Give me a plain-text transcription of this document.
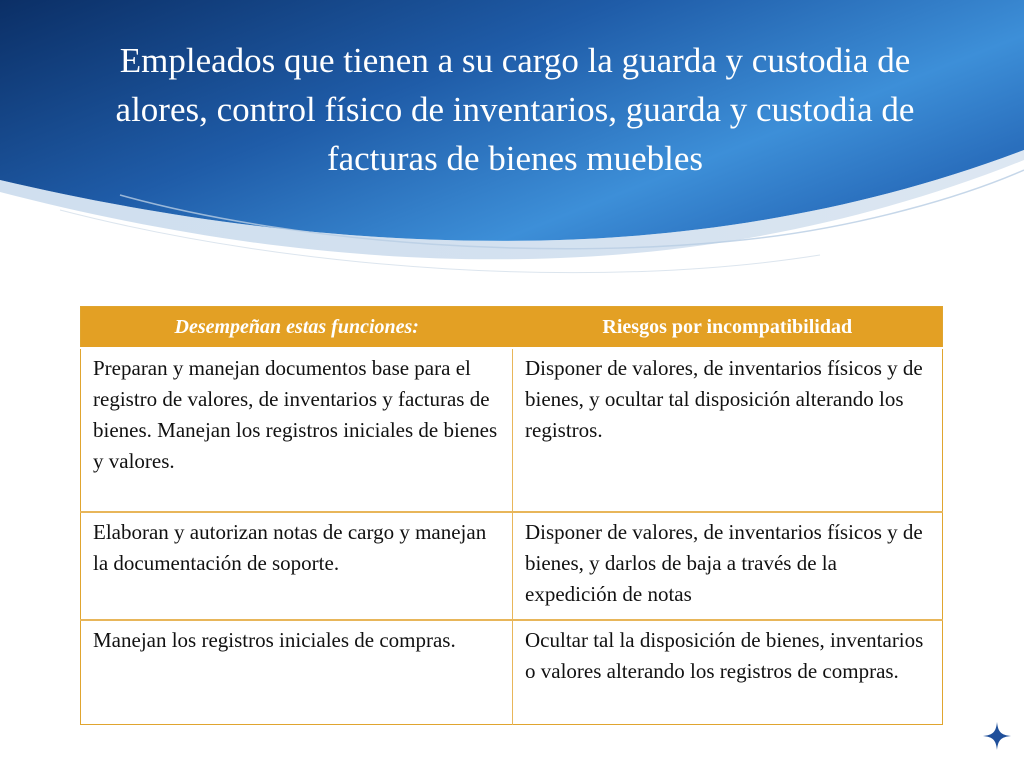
Empleados que tienen a su cargo la guarda y custodia de alores, control físico de inventarios, guarda y custodia de facturas de bienes muebles
Desempeñan estas funciones:	Riesgos por incompatibilidad

Preparan y manejan documentos base para el registro de valores, de inventarios y facturas de bienes. Manejan los registros iniciales de bienes y valores.	Disponer de valores, de inventarios físicos y de bienes, y ocultar tal disposición alterando los registros.

Elaboran y autorizan notas de cargo y manejan la documentación de soporte.	Disponer de valores, de inventarios físicos y de bienes, y darlos de baja a través de la expedición de notas

Manejan los registros iniciales de compras.	Ocultar tal la disposición de bienes, inventarios o valores alterando los registros de compras.
